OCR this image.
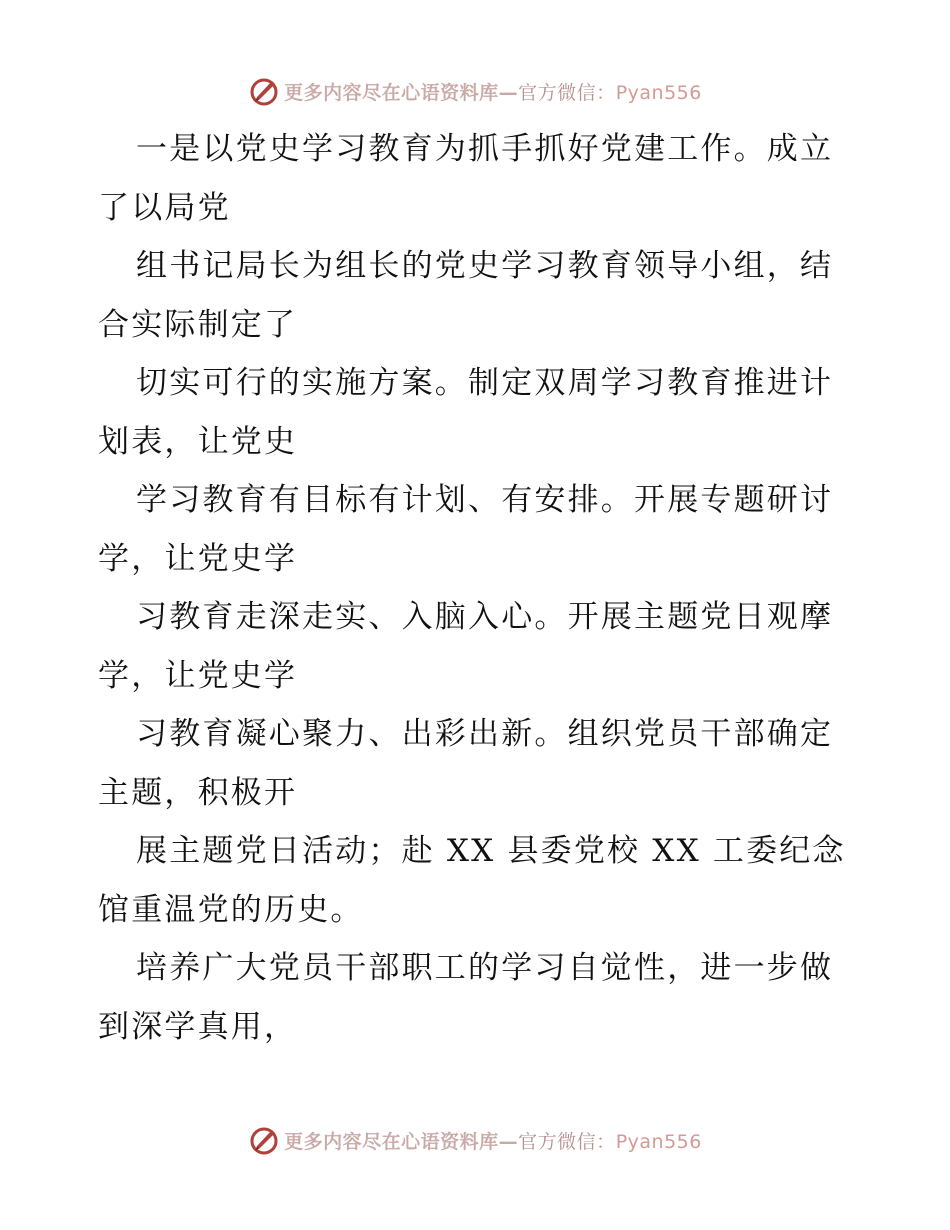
更多内容尽在心语资料库—官方微信：Pyan556
一是以党史学习教育为抓手抓好党建工作。成立
了以局党
组书记局长为组长的党史学习教育领导小组，结
合实际制定了
切实可行的实施方案。制定双周学习教育推进计
划表，让党史
学习教育有目标有计划、有安排。开展专题研讨
学，让党史学
习教育走深走实、入脑入心。开展主题党日观摩
学，让党史学
习教育凝心聚力、出彩出新。组织党员干部确定
主题，积极开
展主题党日活动；赴 XX 县委党校 XX 工委纪念
馆重温党的历史。
培养广大党员干部职工的学习自觉性，进一步做
到深学真用，
更多内容尽在心语资料库—官方微信：Pyan556
